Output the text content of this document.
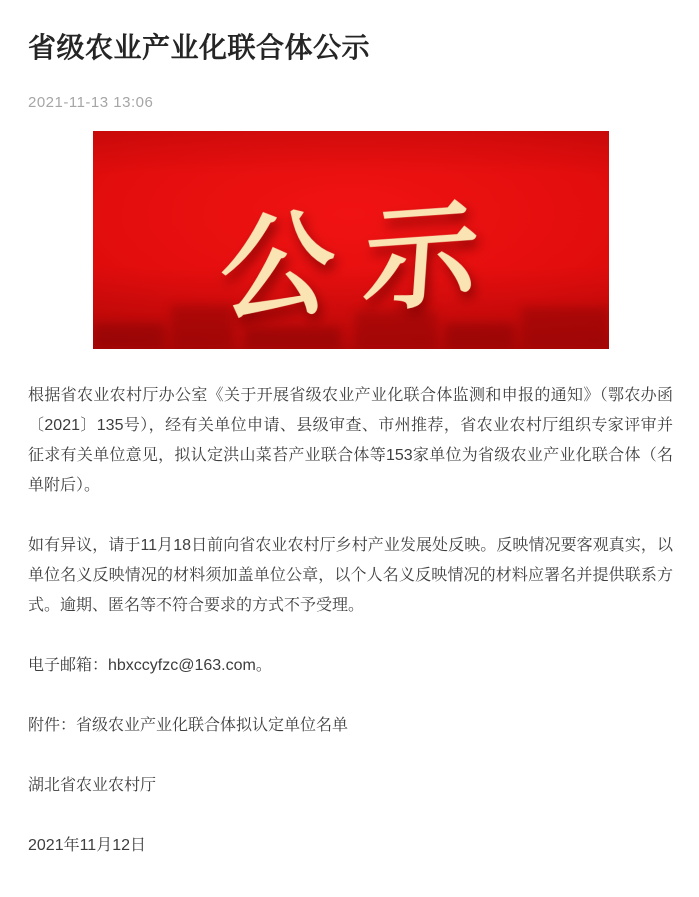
省级农业产业化联合体公示
2021-11-13 13:06
公示

根据省农业农村厅办公室《关于开展省级农业产业化联合体监测和申报的通知》（鄂农办函〔2021〕135号），经有关单位申请、县级审查、市州推荐，省农业农村厅组织专家评审并征求有关单位意见，拟认定洪山菜苔产业联合体等153家单位为省级农业产业化联合体（名单附后）。

如有异议，请于11月18日前向省农业农村厅乡村产业发展处反映。反映情况要客观真实，以单位名义反映情况的材料须加盖单位公章，以个人名义反映情况的材料应署名并提供联系方式。逾期、匿名等不符合要求的方式不予受理。

电子邮箱：hbxccyfzc@163.com。

附件：省级农业产业化联合体拟认定单位名单

湖北省农业农村厅

2021年11月12日
